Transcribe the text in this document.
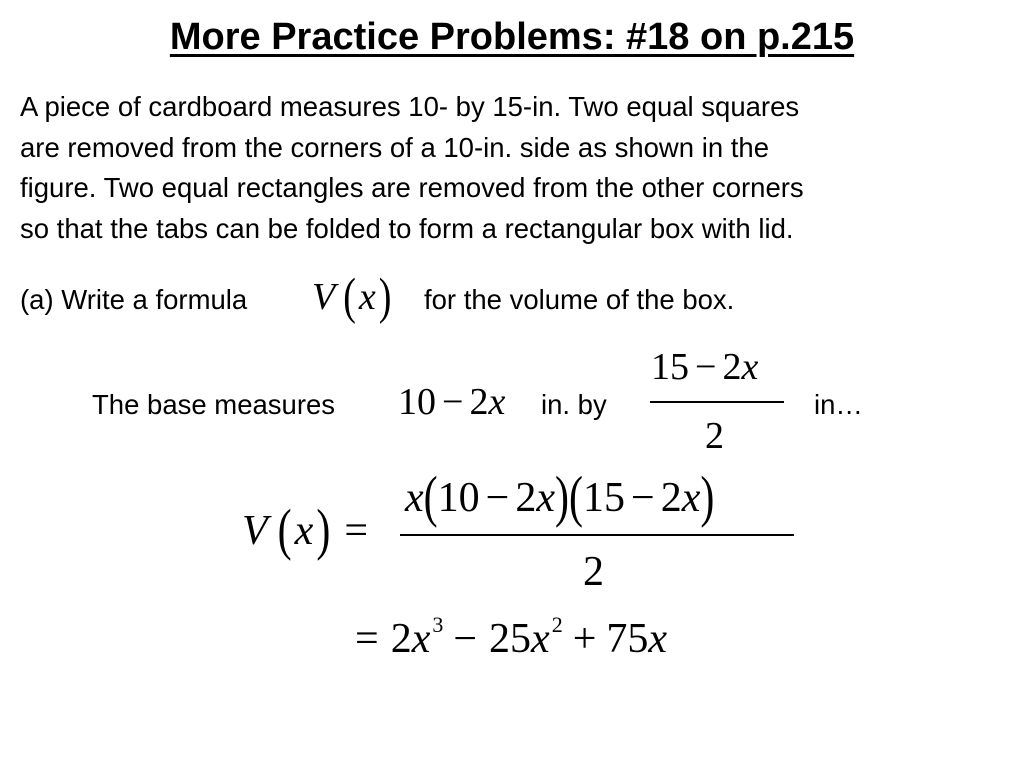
More Practice Problems: #18 on p.215
A piece of cardboard measures 10- by 15-in. Two equal squares
are removed from the corners of a 10-in. side as shown in the
figure. Two equal rectangles are removed from the other corners
so that the tabs can be folded to form a rectangular box with lid.
(a) Write a formula V (x) for the volume of the box.
The base measures 10 − 2x in. by
15 − 2x
2
in…
V (x) =
x(10 − 2x)(15 − 2x)
2
= $2x^3 - 25x^2 + 75x$
